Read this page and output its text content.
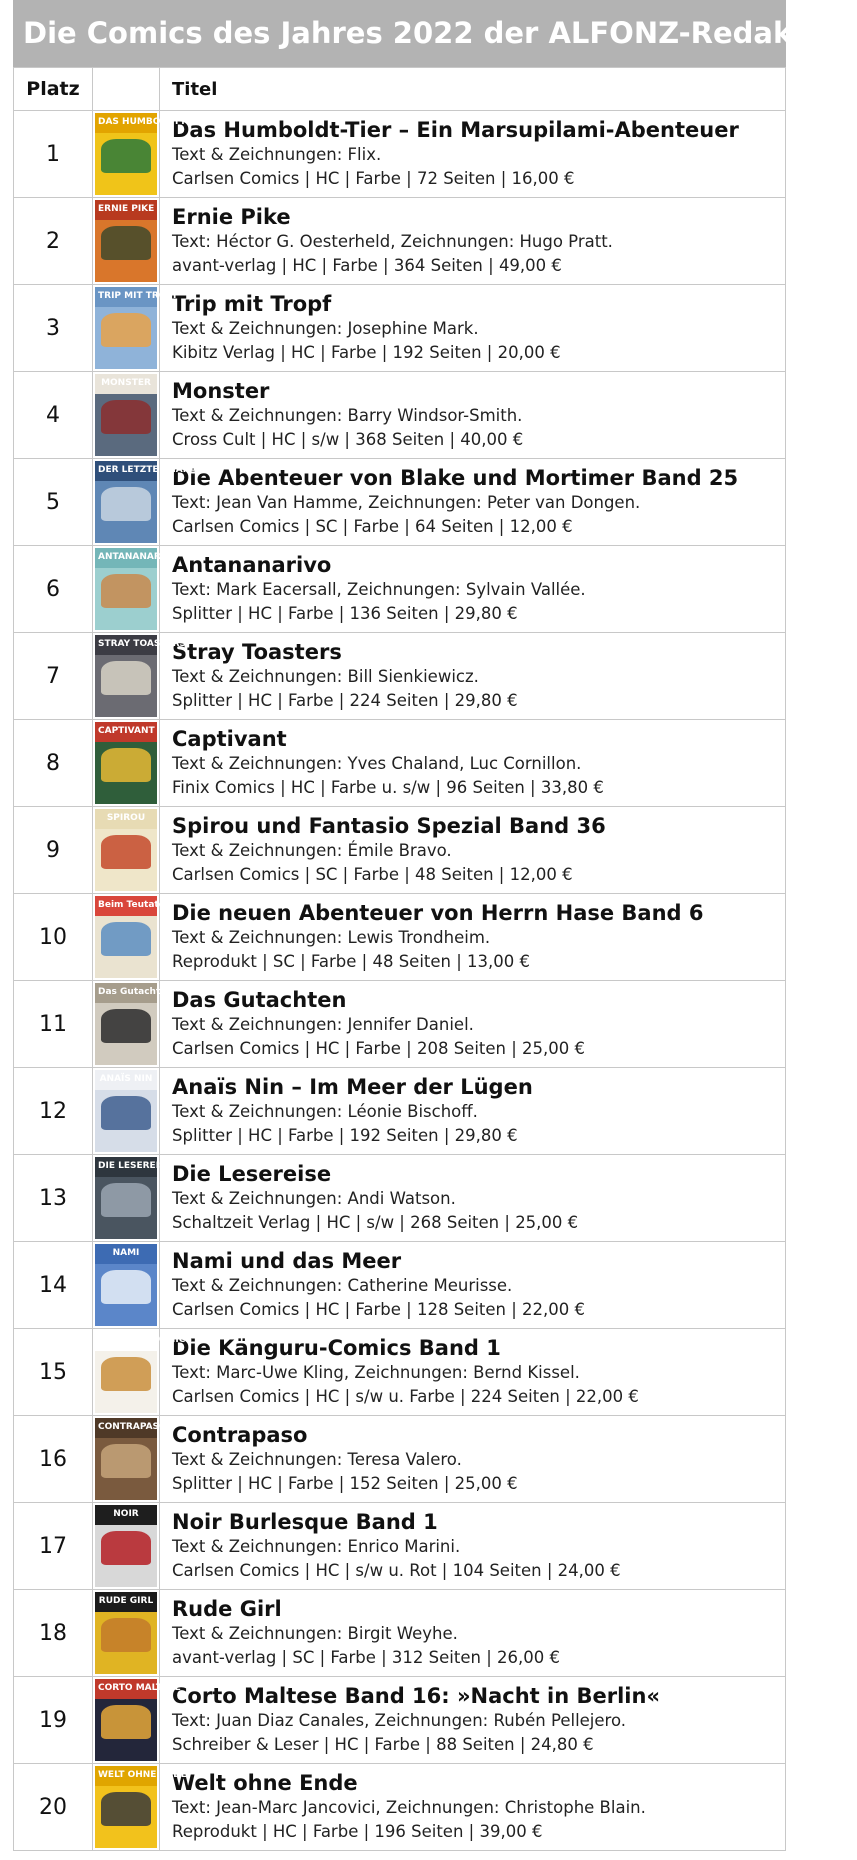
Die Comics des Jahres 2022 der ALFONZ-Redaktion
Platz		Titel
1	DAS HUMBOLDTTIER	Das Humboldt-Tier – Ein Marsupilami-Abenteuer
Text & Zeichnungen: Flix.
Carlsen Comics | HC | Farbe | 72 Seiten | 16,00 €

2	ERNIE PIKE	Ernie Pike
Text: Héctor G. Oesterheld, Zeichnungen: Hugo Pratt.
avant-verlag | HC | Farbe | 364 Seiten | 49,00 €

3	TRIP MIT TROPF	Trip mit Tropf
Text & Zeichnungen: Josephine Mark.
Kibitz Verlag | HC | Farbe | 192 Seiten | 20,00 €

4	MONSTER	Monster
Text & Zeichnungen: Barry Windsor-Smith.
Cross Cult | HC | s/w | 368 Seiten | 40,00 €

5	DER LETZTE PHARAO	Die Abenteuer von Blake und Mortimer Band 25
Text: Jean Van Hamme, Zeichnungen: Peter van Dongen.
Carlsen Comics | SC | Farbe | 64 Seiten | 12,00 €

6	ANTANANARIVO	Antananarivo
Text: Mark Eacersall, Zeichnungen: Sylvain Vallée.
Splitter | HC | Farbe | 136 Seiten | 29,80 €

7	STRAY TOASTERS	Stray Toasters
Text & Zeichnungen: Bill Sienkiewicz.
Splitter | HC | Farbe | 224 Seiten | 29,80 €

8	CAPTIVANT	Captivant
Text & Zeichnungen: Yves Chaland, Luc Cornillon.
Finix Comics | HC | Farbe u. s/w | 96 Seiten | 33,80 €

9	SPIROU	Spirou und Fantasio Spezial Band 36
Text & Zeichnungen: Émile Bravo.
Carlsen Comics | SC | Farbe | 48 Seiten | 12,00 €

10	Beim Teutates!	Die neuen Abenteuer von Herrn Hase Band 6
Text & Zeichnungen: Lewis Trondheim.
Reprodukt | SC | Farbe | 48 Seiten | 13,00 €

11	Das Gutachten	Das Gutachten
Text & Zeichnungen: Jennifer Daniel.
Carlsen Comics | HC | Farbe | 208 Seiten | 25,00 €

12	ANAÏS NIN	Anaïs Nin – Im Meer der Lügen
Text & Zeichnungen: Léonie Bischoff.
Splitter | HC | Farbe | 192 Seiten | 29,80 €

13	DIE LESEREISE	Die Lesereise
Text & Zeichnungen: Andi Watson.
Schaltzeit Verlag | HC | s/w | 268 Seiten | 25,00 €

14	NAMI	Nami und das Meer
Text & Zeichnungen: Catherine Meurisse.
Carlsen Comics | HC | Farbe | 128 Seiten | 22,00 €

15	KÄNGURU-COMICS	Die Känguru-Comics Band 1
Text: Marc-Uwe Kling, Zeichnungen: Bernd Kissel.
Carlsen Comics | HC | s/w u. Farbe | 224 Seiten | 22,00 €

16	CONTRAPASO	Contrapaso
Text & Zeichnungen: Teresa Valero.
Splitter | HC | Farbe | 152 Seiten | 25,00 €

17	NOIR	Noir Burlesque Band 1
Text & Zeichnungen: Enrico Marini.
Carlsen Comics | HC | s/w u. Rot | 104 Seiten | 24,00 €

18	RUDE GIRL	Rude Girl
Text & Zeichnungen: Birgit Weyhe.
avant-verlag | SC | Farbe | 312 Seiten | 26,00 €

19	CORTO MALTESE	Corto Maltese Band 16: »Nacht in Berlin«
Text: Juan Diaz Canales, Zeichnungen: Rubén Pellejero.
Schreiber & Leser | HC | Farbe | 88 Seiten | 24,80 €

20	WELT OHNE ENDE	Welt ohne Ende
Text: Jean-Marc Jancovici, Zeichnungen: Christophe Blain.
Reprodukt | HC | Farbe | 196 Seiten | 39,00 €
